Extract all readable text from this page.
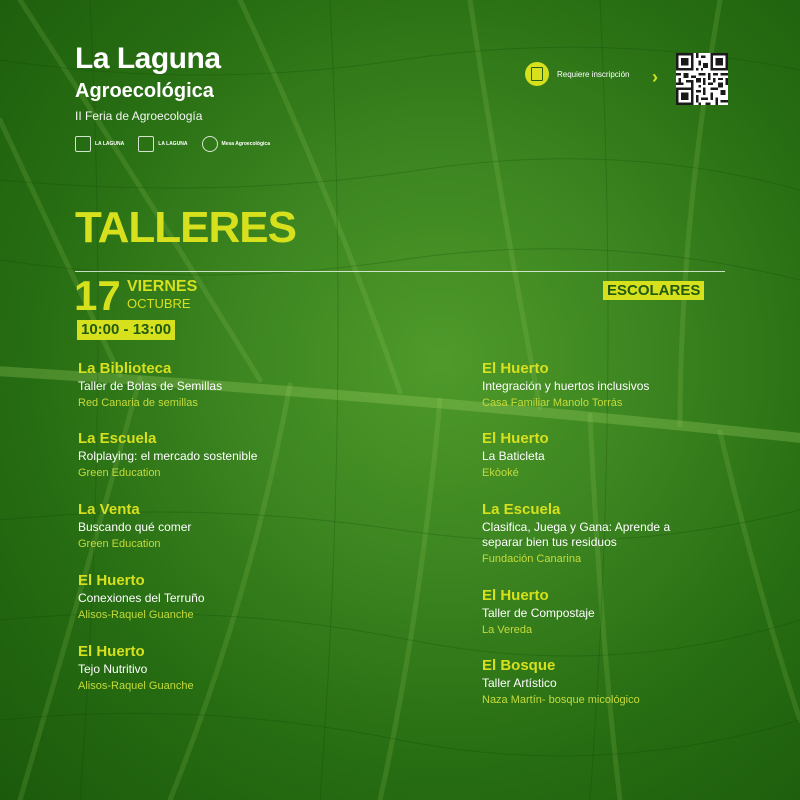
La Laguna
Agroecológica
II Feria de Agroecología
LA LAGUNA	LA LAGUNA	Mesa Agroecológica
Requiere inscripción ›
TALLERES
17 VIERNES
OCTUBRE
10:00 - 13:00
ESCOLARES
La Biblioteca
Taller de Bolas de Semillas
Red Canaria de semillas
La Escuela
Rolplaying: el mercado sostenible
Green Education
La Venta
Buscando qué comer
Green Education
El Huerto
Conexiones del Terruño
Alisos-Raquel Guanche
El Huerto
Tejo Nutritivo
Alisos-Raquel Guanche
El Huerto
Integración y huertos inclusivos
Casa Familiar Manolo Torrás
El Huerto
La Baticleta
Ekòoké
La Escuela
Clasifica, Juega y Gana: Aprende a separar bien tus residuos
Fundación Canarina
El Huerto
Taller de Compostaje
La Vereda
El Bosque
Taller Artístico
Naza Martín- bosque micológico
